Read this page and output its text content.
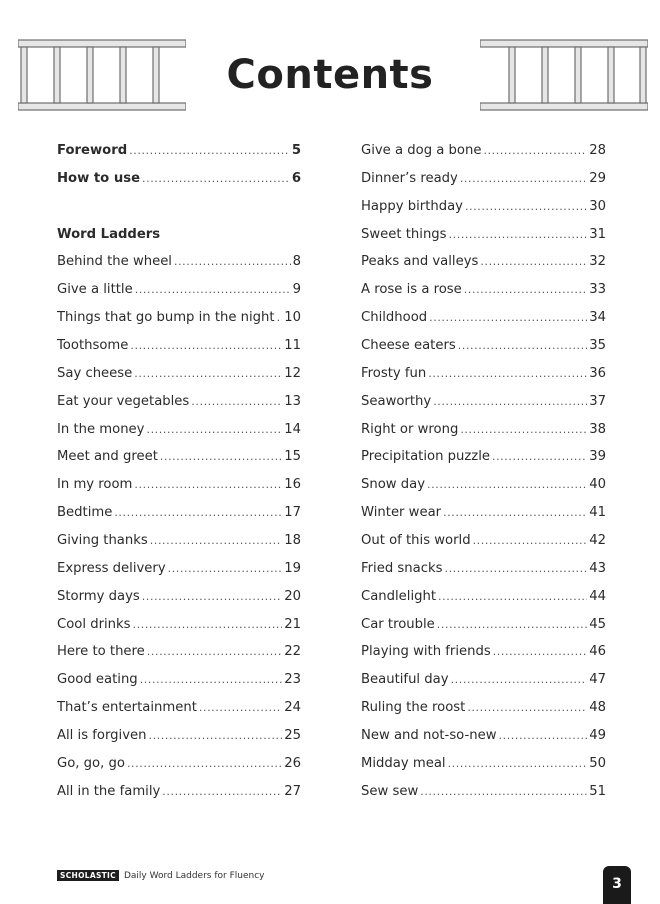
Contents
Foreword .....	5
How to use .....	6
Word Ladders
Behind the wheel .....	8
Give a little .....	9
Things that go bump in the night ..... 10
Toothsome .....	11
Say cheese .....	12
Eat your vegetables .....	13
In the money .....	14
Meet and greet .....	15
In my room .....	16
Bedtime .....	17
Giving thanks .....	18
Express delivery .....	19
Stormy days .....	20
Cool drinks .....	21
Here to there .....	22
Good eating .....	23
That’s entertainment .....	24
All is forgiven .....	25
Go, go, go .....	26
All in the family .....	27
Give a dog a bone .....	28
Dinner’s ready .....	29
Happy birthday .....	30
Sweet things .....	31
Peaks and valleys .....	32
A rose is a rose .....	33
Childhood .....	34
Cheese eaters .....	35
Frosty fun .....	36
Seaworthy .....	37
Right or wrong .....	38
Precipitation puzzle .....	39
Snow day .....	40
Winter wear .....	41
Out of this world .....	42
Fried snacks .....	43
Candlelight .....	44
Car trouble .....	45
Playing with friends .....	46
Beautiful day .....	47
Ruling the roost .....	48
New and not-so-new .....	49
Midday meal .....	50
Sew sew .....	51
SCHOLASTIC Daily Word Ladders for Fluency
3
